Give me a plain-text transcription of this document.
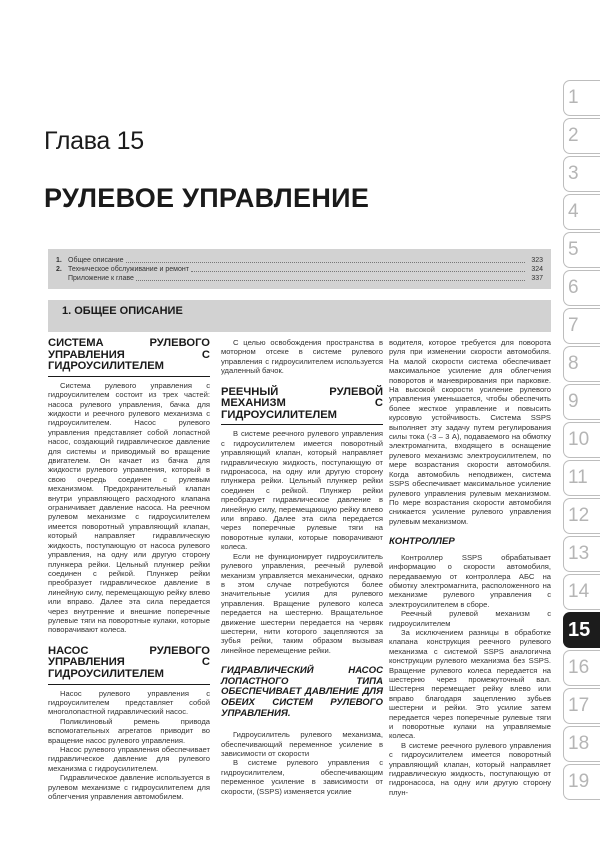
Глава 15
РУЛЕВОЕ УПРАВЛЕНИЕ
1. Общее описание	323
2. Техническое обслуживание и ремонт	324
Приложение к главе	337
1. ОБЩЕЕ ОПИСАНИЕ
СИСТЕМА РУЛЕВОГО УПРАВЛЕНИЯ С ГИДРОУСИЛИТЕЛЕМ

Система рулевого управления с гидроусилителем состоит из трех частей: насоса рулевого управления, бачка для жидкости и реечного рулевого механизма с гидроусилителем. Насос рулевого управления представляет собой лопастной насос, создающий гидравлическое давление для системы и приводимый во вращение двигателем. Он качает из бачка для жидкости рулевого управления, который в свою очередь соединен с рулевым механизмом. Предохранительный клапан внутри управляющего расходного клапана ограничивает давление насоса. На реечном рулевом механизме с гидроусилителем имеется поворотный управляющий клапан, который направляет гидравлическую жидкость, поступающую от насоса рулевого управления, на одну или другую сторону плунжера рейки. Цельный плунжер рейки соединен с рейкой. Плунжер рейки преобразует гидравлическое давление в линейную силу, перемещающую рейку влево или вправо. Далее эта сила передается через внутренние и внешние поперечные рулевые тяги на поворотные кулаки, которые поворачивают колеса.

НАСОС РУЛЕВОГО УПРАВЛЕНИЯ С ГИДРОУСИЛИТЕЛЕМ

Насос рулевого управления с гидроусилителем представляет собой многолопастной гидравлический насос.

Поликлиновый ремень привода вспомогательных агрегатов приводит во вращение насос рулевого управления.

Насос рулевого управления обеспечивает гидравлическое давление для рулевого механизма с гидроусилителем.

Гидравлическое давление используется в рулевом механизме с гидроусилителем для облегчения управления автомобилем.

С целью освобождения пространства в моторном отсеке в системе рулевого управления с гидроусилителем используется удаленный бачок.

РЕЕЧНЫЙ РУЛЕВОЙ МЕХАНИЗМ С ГИДРОУСИЛИТЕЛЕМ

В системе реечного рулевого управления с гидроусилителем имеется поворотный управляющий клапан, который направляет гидравлическую жидкость, поступающую от гидронасоса, на одну или другую сторону плунжера рейки. Цельный плунжер рейки соединен с рейкой. Плунжер рейки преобразует гидравлическое давление в линейную силу, перемещающую рейку влево или вправо. Далее эта сила передается через поперечные рулевые тяги на поворотные кулаки, которые поворачивают колеса.

Если не функционирует гидроусилитель рулевого управления, реечный рулевой механизм управляется механически, однако в этом случае потребуются более значительные усилия для рулевого управления. Вращение рулевого колеса передается на шестерню. Вращательное движение шестерни передается на червяк шестерни, нити которого зацепляются за зубья рейки, таким образом вызывая линейное перемещение рейки.

ГИДРАВЛИЧЕСКИЙ НАСОС ЛОПАСТНОГО ТИПА ОБЕСПЕЧИВАЕТ ДАВЛЕНИЕ ДЛЯ ОБЕИХ СИСТЕМ РУЛЕВОГО УПРАВЛЕНИЯ.

Гидроусилитель рулевого механизма, обеспечивающий переменное усиление в зависимости от скорости

В системе рулевого управления с гидроусилителем, обеспечивающим переменное усиление в зависимости от скорости, (SSPS) изменяется усилие

водителя, которое требуется для поворота руля при изменении скорости автомобиля. На малой скорости система обеспечивает максимальное усиление для облегчения поворотов и маневрирования при парковке. На высокой скорости усиление рулевого управления уменьшается, чтобы обеспечить более жесткое управление и повысить курсовую устойчивость. Система SSPS выполняет эту задачу путем регулирования силы тока (-3 – 3 А), подаваемого на обмотку электромагнита, входящего в оснащение рулевого механизмс электроусилителем, по мере возрастания скорости автомобиля. Когда автомобиль неподвижен, система SSPS обеспечивает максимальное усиление рулевого управления рулевым механизмом. По мере возрастания скорости автомобиля снижается усиление рулевого управления рулевым механизмом.

КОНТРОЛЛЕР

Контроллер SSPS обрабатывает информацию о скорости автомобиля, передаваемую от контроллера АБС на обмотку электромагнита, расположенного на механизме рулевого управления с электроусилителем в сборе.

Реечный рулевой механизм с гидроусилителем

За исключением разницы в обработке клапана конструкция реечного рулевого механизма с системой SSPS аналогична конструкции рулевого механизма без SSPS. Вращение рулевого колеса передается на шестерню через промежуточный вал. Шестерня перемещает рейку влево или вправо благодаря зацеплению зубьев шестерни и рейки. Это усилие затем передается через поперечные рулевые тяги и поворотные кулаки на управляемые колеса.

В системе реечного рулевого управления с гидроусилителем имеется поворотный управляющий клапан, который направляет гидравлическую жидкость, поступающую от гидронасоса, на одну или другую сторону плун-

1
2
3
4
5
6
7
8
9
10
11
12
13
14
15
16
17
18
19
